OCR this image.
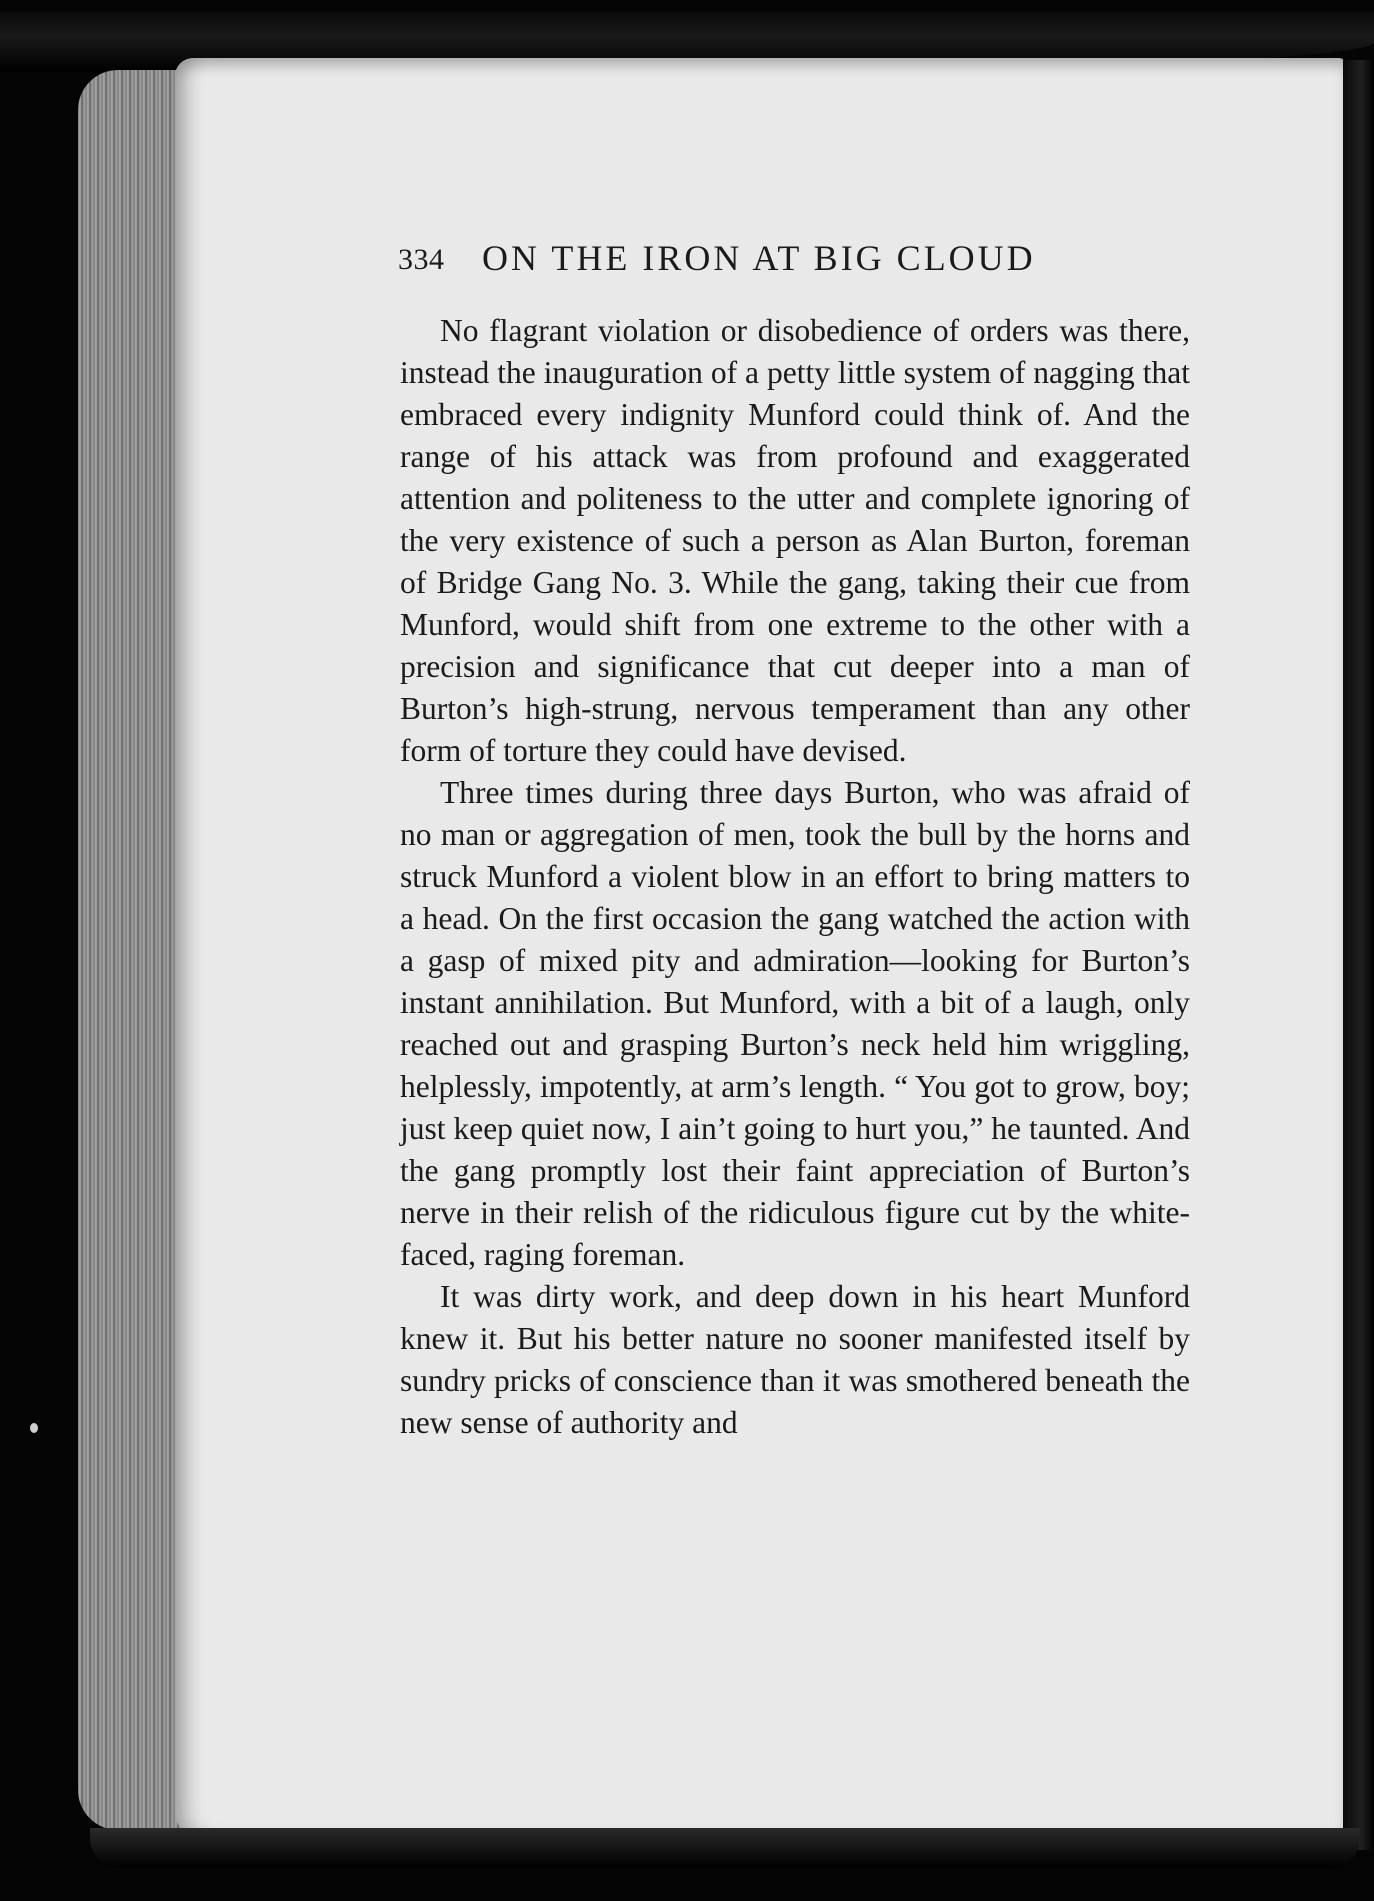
334 ON THE IRON AT BIG CLOUD

No flagrant violation or disobedience of orders was there, instead the inauguration of a petty little system of nagging that embraced every indignity Munford could think of. And the range of his attack was from profound and exaggerated attention and politeness to the utter and complete ignoring of the very existence of such a person as Alan Burton, foreman of Bridge Gang No. 3. While the gang, taking their cue from Munford, would shift from one extreme to the other with a precision and significance that cut deeper into a man of Burton’s high-strung, nervous temperament than any other form of torture they could have devised.

Three times during three days Burton, who was afraid of no man or aggregation of men, took the bull by the horns and struck Munford a violent blow in an effort to bring matters to a head. On the first occasion the gang watched the action with a gasp of mixed pity and admiration—looking for Burton’s instant annihilation. But Munford, with a bit of a laugh, only reached out and grasping Burton’s neck held him wriggling, helplessly, impotently, at arm’s length. “ You got to grow, boy; just keep quiet now, I ain’t going to hurt you,” he taunted. And the gang promptly lost their faint appreciation of Burton’s nerve in their relish of the ridiculous figure cut by the white-faced, raging foreman.

It was dirty work, and deep down in his heart Munford knew it. But his better nature no sooner manifested itself by sundry pricks of conscience than it was smothered beneath the new sense of authority and
